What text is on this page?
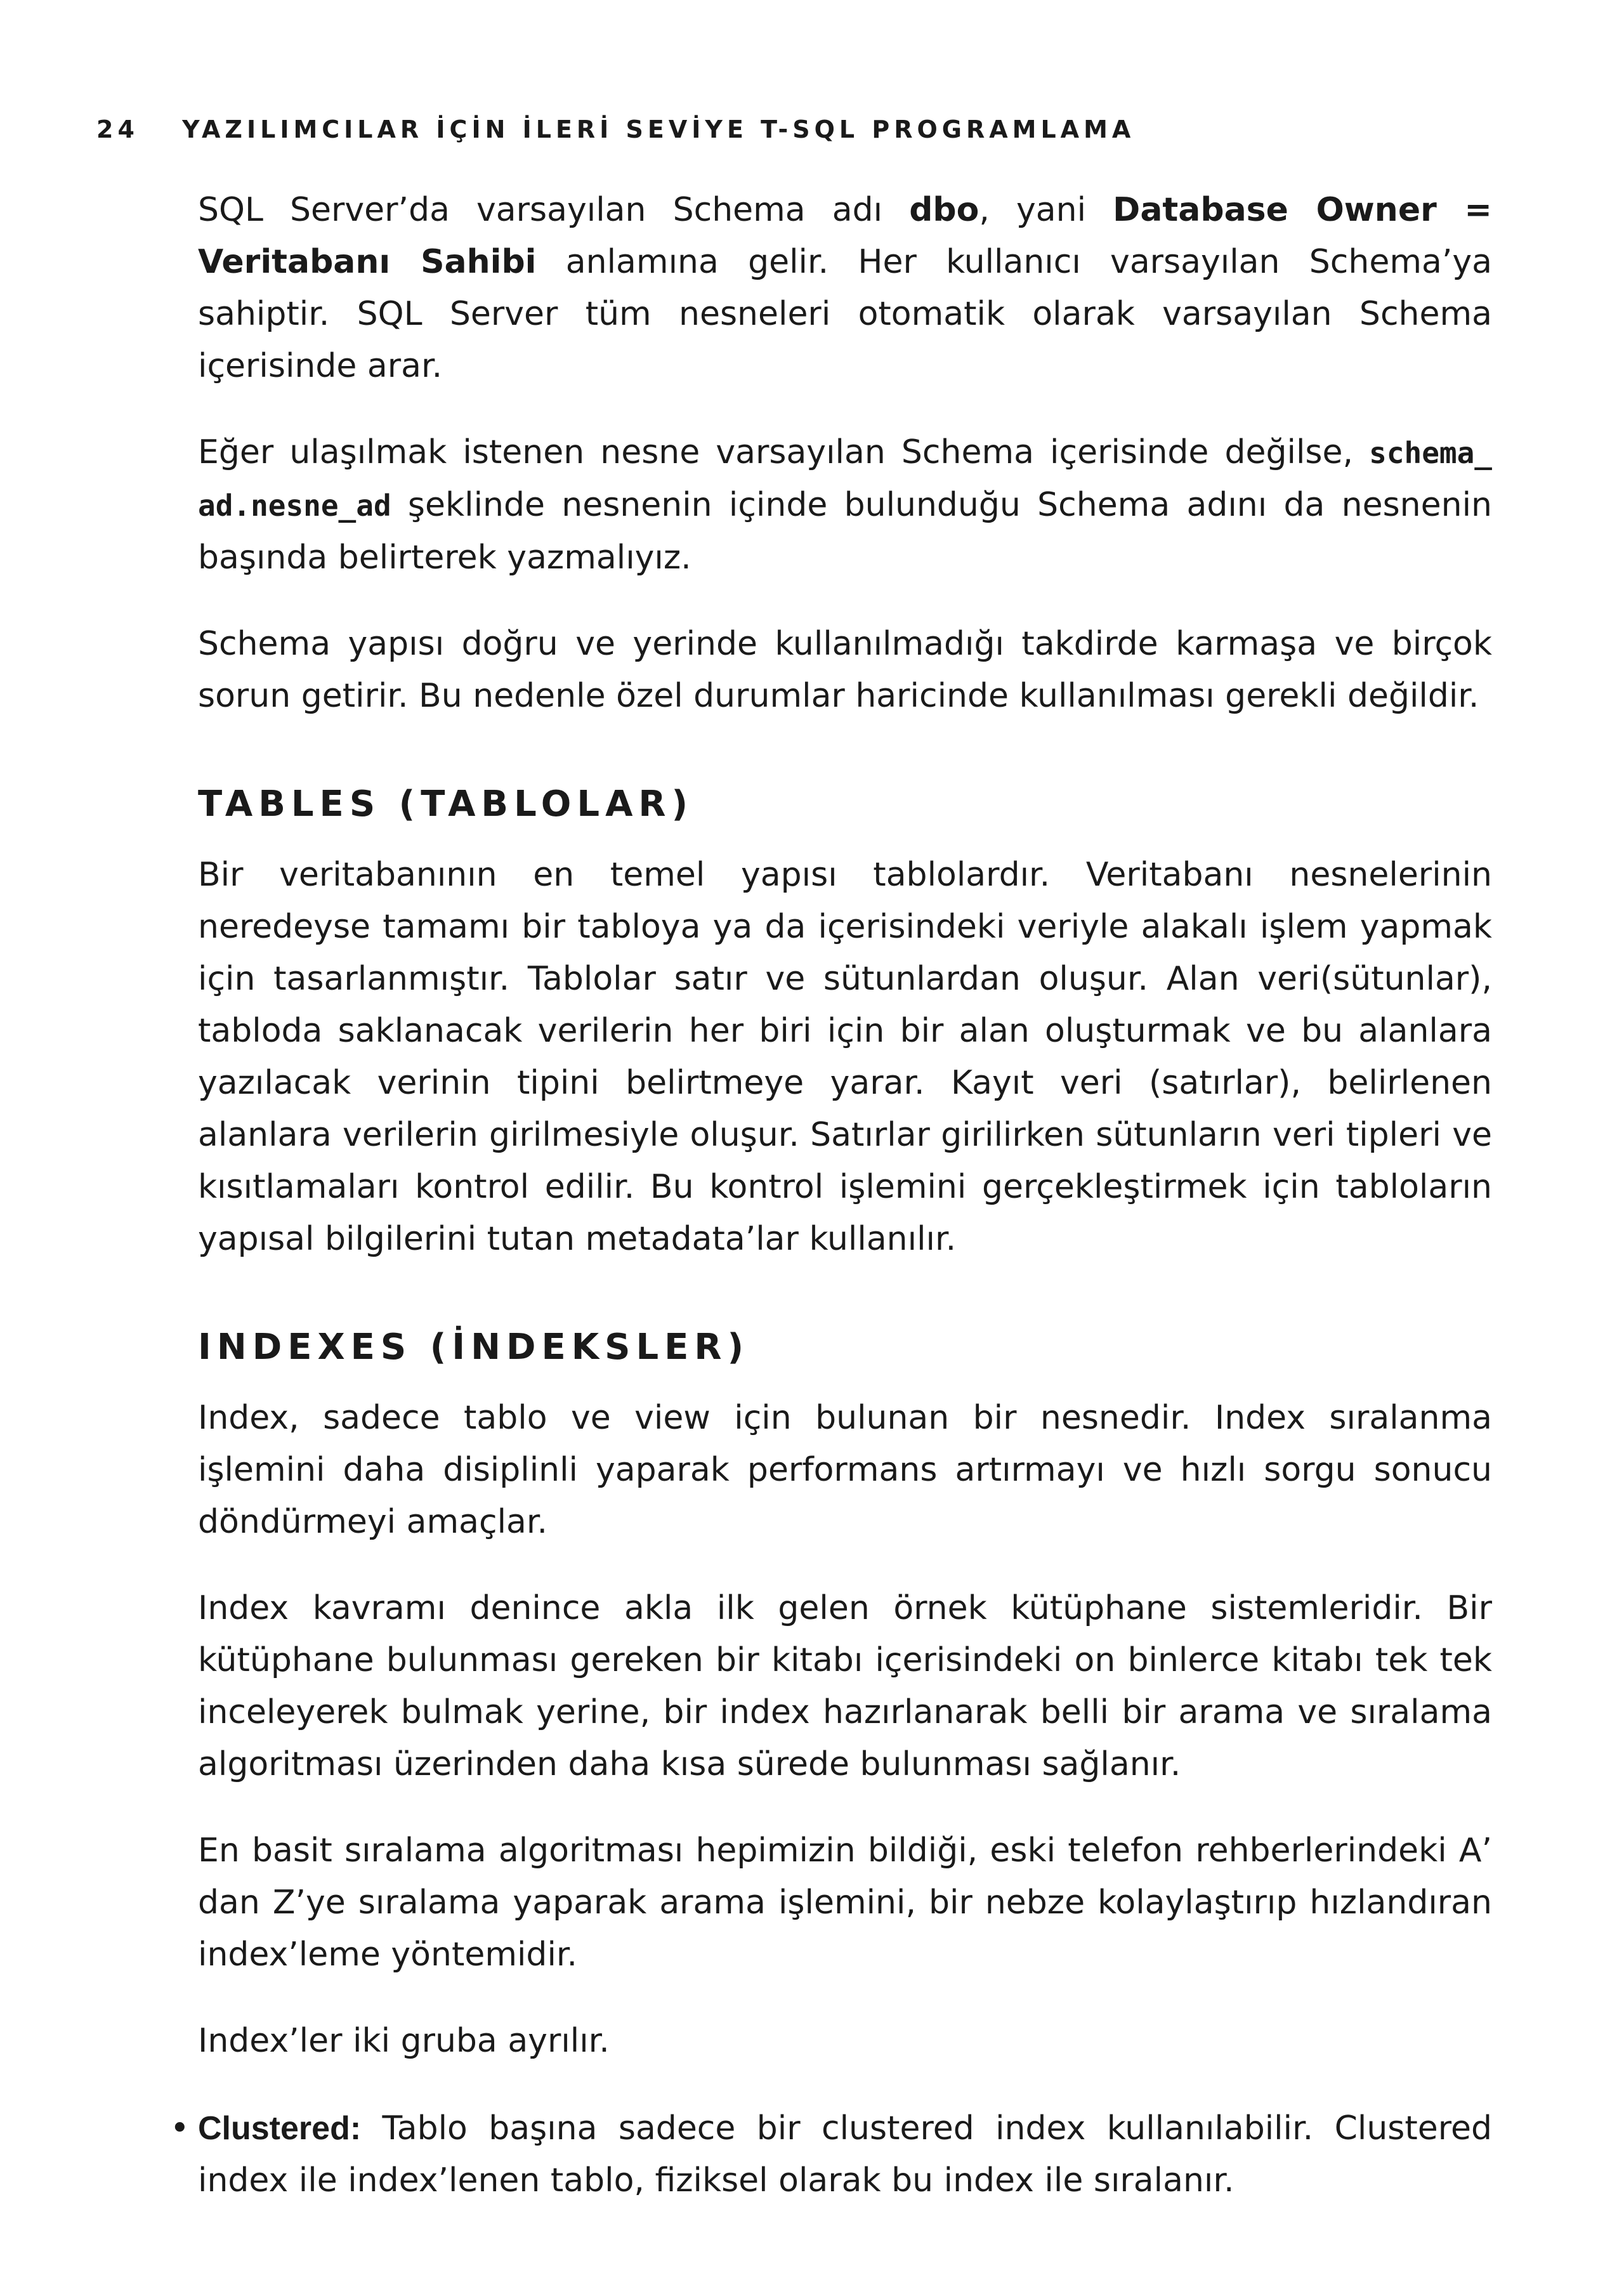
24 YAZILIMCILAR İÇİN İLERİ SEVİYE T-SQL PROGRAMLAMA

SQL Server’da varsayılan Schema adı dbo, yani Database Owner = Veritabanı Sahibi anlamına gelir. Her kullanıcı varsayılan Schema’ya sahiptir. SQL Server tüm nesneleri otomatik olarak varsayılan Schema içerisinde arar.

Eğer ulaşılmak istenen nesne varsayılan Schema içerisinde değilse, schema_ ad.nesne_ad şeklinde nesnenin içinde bulunduğu Schema adını da nesnenin başında belirterek yazmalıyız.

Schema yapısı doğru ve yerinde kullanılmadığı takdirde karmaşa ve birçok sorun getirir. Bu nedenle özel durumlar haricinde kullanılması gerekli değildir.

TABLES (TABLOLAR)

Bir veritabanının en temel yapısı tablolardır. Veritabanı nesnelerinin neredeyse tamamı bir tabloya ya da içerisindeki veriyle alakalı işlem yapmak için tasarlanmıştır. Tablolar satır ve sütunlardan oluşur. Alan veri(sütunlar), tabloda saklanacak verilerin her biri için bir alan oluşturmak ve bu alanlara yazılacak verinin tipini belirtmeye yarar. Kayıt veri (satırlar), belirlenen alanlara verilerin girilmesiyle oluşur. Satırlar girilirken sütunların veri tipleri ve kısıtlamaları kontrol edilir. Bu kontrol işlemini gerçekleştirmek için tabloların yapısal bilgilerini tutan metadata’lar kullanılır.

INDEXES (İNDEKSLER)

Index, sadece tablo ve view için bulunan bir nesnedir. Index sıralanma işlemini daha disiplinli yaparak performans artırmayı ve hızlı sorgu sonucu döndürmeyi amaçlar.

Index kavramı denince akla ilk gelen örnek kütüphane sistemleridir. Bir kütüphane bulunması gereken bir kitabı içerisindeki on binlerce kitabı tek tek inceleyerek bulmak yerine, bir index hazırlanarak belli bir arama ve sıralama algoritması üzerinden daha kısa sürede bulunması sağlanır.

En basit sıralama algoritması hepimizin bildiği, eski telefon rehberlerindeki A’ dan Z’ye sıralama yaparak arama işlemini, bir nebze kolaylaştırıp hızlandıran index’leme yöntemidir.

Index’ler iki gruba ayrılır.

• Clustered: Tablo başına sadece bir clustered index kullanılabilir. Clustered index ile index’lenen tablo, fiziksel olarak bu index ile sıralanır.
